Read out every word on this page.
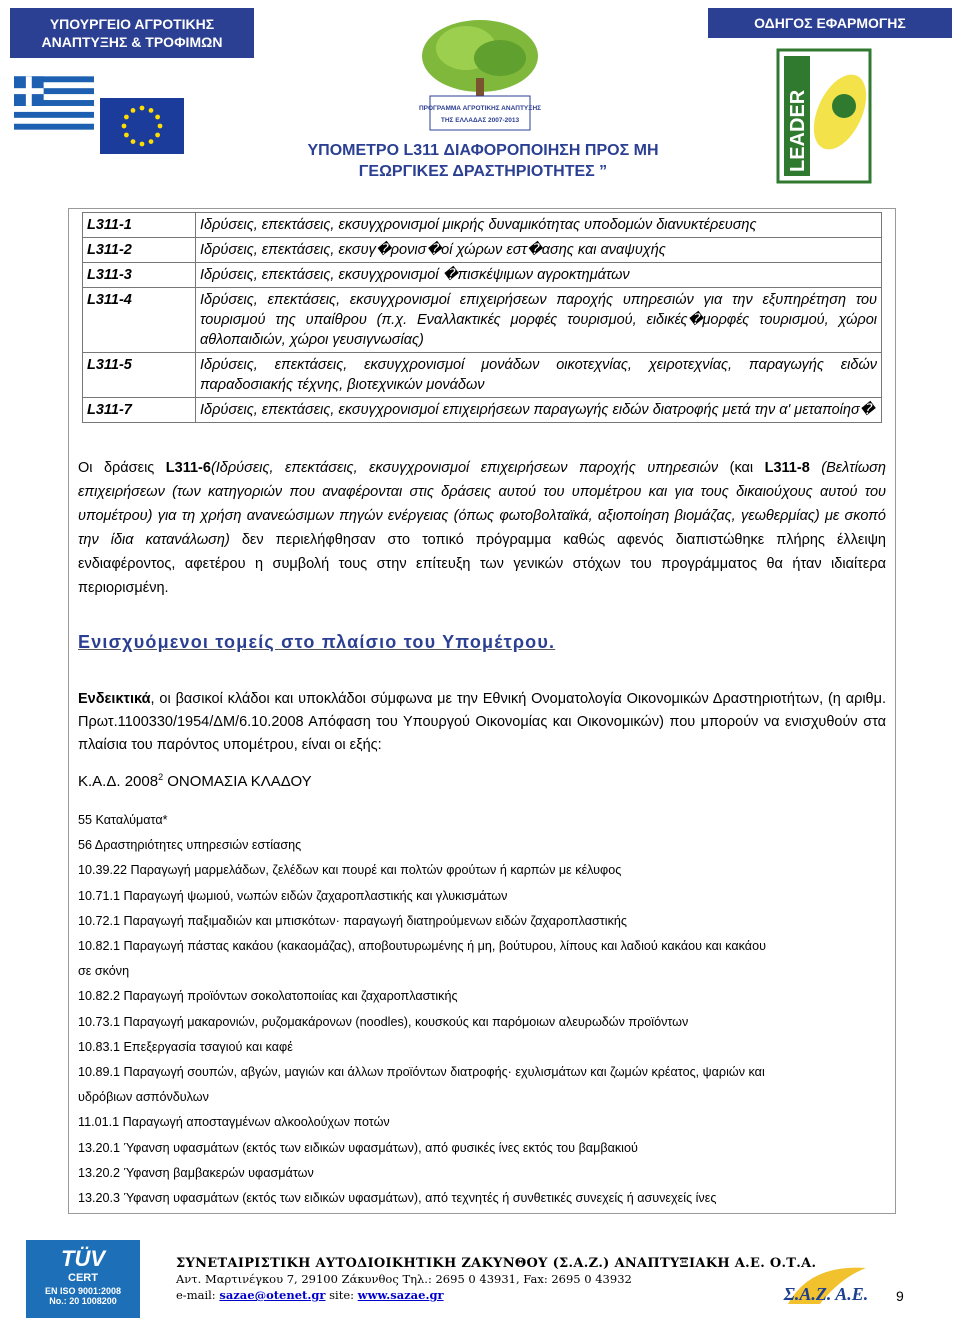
ΥΠΟΥΡΓΕΙΟ ΑΓΡΟΤΙΚΗΣ
ΑΝΑΠΤΥΞΗΣ & ΤΡΟΦΙΜΩΝ
ΟΔΗΓΟΣ ΕΦΑΡΜΟΓΗΣ
ΠΡΟΓΡΑΜΜΑ ΑΓΡΟΤΙΚΗΣ ΑΝΑΠΤΥΞΗΣ
ΤΗΣ ΕΛΛΑΔΑΣ 2007-2013	LEADER
ΥΠΟΜΕΤΡΟ L311 ΔΙΑΦΟΡΟΠΟΙΗΣΗ ΠΡΟΣ ΜΗ
ΓΕΩΡΓΙΚΕΣ ΔΡΑΣΤΗΡΙΟΤΗΤΕΣ ”
L311-1	Ιδρύσεις, επεκτάσεις, εκσυγχρονισμοί μικρής δυναμικότητας υποδομών διανυκτέρευσης
L311-2	Ιδρύσεις, επεκτάσεις, εκσυγ�ρονισ�οί χώρων εστ�ασης και αναψυχής
L311-3	Ιδρύσεις, επεκτάσεις, εκσυγχρονισμοί �πισκέψιμων αγροκτημάτων
L311-4	Ιδρύσεις, επεκτάσεις, εκσυγχρονισμοί επιχειρήσεων παροχής υπηρεσιών για την εξυπηρέτηση του τουρισμού της υπαίθρου (π.χ. Εναλλακτικές μορφές τουρισμού, ειδικές�μορφές τουρισμού, χώροι αθλοπαιδιών, χώροι γευσιγνωσίας)
L311-5	Ιδρύσεις, επεκτάσεις, εκσυγχρονισμοί μονάδων οικοτεχνίας, χειροτεχνίας, παραγωγής ειδών παραδοσιακής τέχνης, βιοτεχνικών μονάδων
L311-7	Ιδρύσεις, επεκτάσεις, εκσυγχρονισμοί επιχειρήσεων παραγωγής ειδών διατροφής μετά την α' μεταποίησ�
Οι δράσεις L311-6(Ιδρύσεις, επεκτάσεις, εκσυγχρονισμοί επιχειρήσεων παροχής υπηρεσιών (και L311-8 (Βελτίωση επιχειρήσεων (των κατηγοριών που αναφέρονται στις δράσεις αυτού του υπομέτρου και για τους δικαιούχους αυτού του υπομέτρου) για τη χρήση ανανεώσιμων πηγών ενέργειας (όπως φωτοβολταϊκά, αξιοποίηση βιομάζας, γεωθερμίας) με σκοπό την ίδια κατανάλωση) δεν περιελήφθησαν στο τοπικό πρόγραμμα καθώς αφενός διαπιστώθηκε πλήρης έλλειψη ενδιαφέροντος, αφετέρου η συμβολή τους στην επίτευξη των γενικών στόχων του προγράμματος θα ήταν ιδιαίτερα περιορισμένη.
Ενισχυόμενοι τομείς στο πλαίσιο του Υπομέτρου.
Ενδεικτικά, οι βασικοί κλάδοι και υποκλάδοι σύμφωνα με την Εθνική Ονοματολογία Οικονομικών Δραστηριοτήτων, (η αριθμ. Πρωτ.1100330/1954/ΔΜ/6.10.2008 Απόφαση του Υπουργού Οικονομίας και Οικονομικών) που μπορούν να ενισχυθούν στα πλαίσια του παρόντος υπομέτρου, είναι οι εξής:
Κ.Α.Δ. 2008$^2$ ΟΝΟΜΑΣΙΑ ΚΛΑΔΟΥ
55 Καταλύματα*
56 Δραστηριότητες υπηρεσιών εστίασης
10.39.22 Παραγωγή μαρμελάδων, ζελέδων και πουρέ και πολτών φρούτων ή καρπών με κέλυφος
10.71.1 Παραγωγή ψωμιού, νωπών ειδών ζαχαροπλαστικής και γλυκισμάτων
10.72.1 Παραγωγή παξιμαδιών και μπισκότων· παραγωγή διατηρούμενων ειδών ζαχαροπλαστικής
10.82.1 Παραγωγή πάστας κακάου (κακαομάζας), αποβουτυρωμένης ή μη, βούτυρου, λίπους και λαδιού κακάου και κακάου
σε σκόνη
10.82.2 Παραγωγή προϊόντων σοκολατοποιίας και ζαχαροπλαστικής
10.73.1 Παραγωγή μακαρονιών, ρυζομακάρονων (noodles), κουσκούς και παρόμοιων αλευρωδών προϊόντων
10.83.1 Επεξεργασία τσαγιού και καφέ
10.89.1 Παραγωγή σουπών, αβγών, μαγιών και άλλων προϊόντων διατροφής· εχυλισμάτων και ζωμών κρέατος, ψαριών και
υδρόβιων ασπόνδυλων
11.01.1 Παραγωγή αποσταγμένων αλκοολούχων ποτών
13.20.1 Ύφανση υφασμάτων (εκτός των ειδικών υφασμάτων), από φυσικές ίνες εκτός του βαμβακιού
13.20.2 Ύφανση βαμβακερών υφασμάτων
13.20.3 Ύφανση υφασμάτων (εκτός των ειδικών υφασμάτων), από τεχνητές ή συνθετικές συνεχείς ή ασυνεχείς ίνες
TÜV
CERT
EN ISO 9001:2008
No.: 20 1008200
ΣΥΝΕΤΑΙΡΙΣΤΙΚΗ ΑΥΤΟΔΙΟΙΚΗΤΙΚΗ ΖΑΚΥΝΘΟΥ (Σ.Α.Ζ.) ΑΝΑΠΤΥΞΙΑΚΗ Α.Ε. Ο.Τ.Α.
Αντ. Μαρτινέγκου 7, 29100 Ζάκυνθος Τηλ.: 2695 0 43931, Fax: 2695 0 43932
e-mail: sazae@otenet.gr site: www.sazae.gr	Σ.Α.Ζ. Α.Ε. 9
